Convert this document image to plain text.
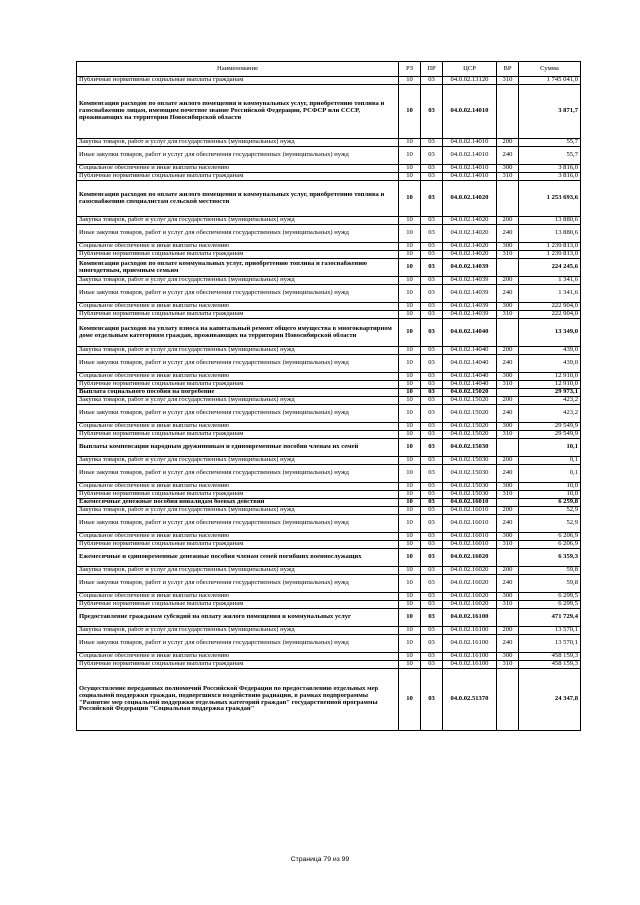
Наименование	РЗ	ПР	ЦСР	ВР	Сумма
Публичные нормативные социальные выплаты гражданам	10	03	04.0.02.13120	310	1 745 041,0
Компенсация расходов по оплате жилого помещения и коммунальных услуг, приобретению топлива и газоснабжению лицам, имеющим почетное звание Российской Федерации, РСФСР или СССР, проживающих на территории Новосибирской области	10	03	04.0.02.14010		3 871,7
Закупка товаров, работ и услуг для государственных (муниципальных) нужд	10	03	04.0.02.14010	200	55,7
Иные закупки товаров, работ и услуг для обеспечения государственных (муниципальных) нужд	10	03	04.0.02.14010	240	55,7
Социальное обеспечение и иные выплаты населению	10	03	04.0.02.14010	300	3 816,0
Публичные нормативные социальные выплаты гражданам	10	03	04.0.02.14010	310	3 816,0
Компенсация расходов по оплате жилого помещения и коммунальных услуг, приобретению топлива и газоснабжению специалистам сельской местности	10	03	04.0.02.14020		1 253 693,6
Закупка товаров, работ и услуг для государственных (муниципальных) нужд	10	03	04.0.02.14020	200	13 880,6
Иные закупки товаров, работ и услуг для обеспечения государственных (муниципальных) нужд	10	03	04.0.02.14020	240	13 880,6
Социальное обеспечение и иные выплаты населению	10	03	04.0.02.14020	300	1 239 813,0
Публичные нормативные социальные выплаты гражданам	10	03	04.0.02.14020	310	1 239 813,0
Компенсация расходов по оплате коммунальных услуг, приобретению топлива и газоснабжению многодетным, приемным семьям	10	03	04.0.02.14039		224 245,6
Закупка товаров, работ и услуг для государственных (муниципальных) нужд	10	03	04.0.02.14039	200	1 341,6
Иные закупки товаров, работ и услуг для обеспечения государственных (муниципальных) нужд	10	03	04.0.02.14039	240	1 341,6
Социальное обеспечение и иные выплаты населению	10	03	04.0.02.14039	300	222 904,0
Публичные нормативные социальные выплаты гражданам	10	03	04.0.02.14039	310	222 904,0
Компенсация расходов на уплату взноса на капитальный ремонт общего имущества в многоквартирном доме отдельным категориям граждан, проживающих на территории Новосибирской области	10	03	04.0.02.14040		13 349,0
Закупка товаров, работ и услуг для государственных (муниципальных) нужд	10	03	04.0.02.14040	200	439,0
Иные закупки товаров, работ и услуг для обеспечения государственных (муниципальных) нужд	10	03	04.0.02.14040	240	439,0
Социальное обеспечение и иные выплаты населению	10	03	04.0.02.14040	300	12 910,0
Публичные нормативные социальные выплаты гражданам	10	03	04.0.02.14040	310	12 910,0
Выплата социального пособия на погребение	10	03	04.0.02.15020		29 973,1
Закупка товаров, работ и услуг для государственных (муниципальных) нужд	10	03	04.0.02.15020	200	423,2
Иные закупки товаров, работ и услуг для обеспечения государственных (муниципальных) нужд	10	03	04.0.02.15020	240	423,2
Социальное обеспечение и иные выплаты населению	10	03	04.0.02.15020	300	29 549,9
Публичные нормативные социальные выплаты гражданам	10	03	04.0.02.15020	310	29 549,9
Выплаты компенсации народным дружинникам и единовременные пособия членам их семей	10	03	04.0.02.15030		10,1
Закупка товаров, работ и услуг для государственных (муниципальных) нужд	10	03	04.0.02.15030	200	0,1
Иные закупки товаров, работ и услуг для обеспечения государственных (муниципальных) нужд	10	03	04.0.02.15030	240	0,1
Социальное обеспечение и иные выплаты населению	10	03	04.0.02.15030	300	10,0
Публичные нормативные социальные выплаты гражданам	10	03	04.0.02.15030	310	10,0
Ежемесячные денежные пособия инвалидам боевых действий	10	03	04.0.02.16010		6 259,8
Закупка товаров, работ и услуг для государственных (муниципальных) нужд	10	03	04.0.02.16010	200	52,9
Иные закупки товаров, работ и услуг для обеспечения государственных (муниципальных) нужд	10	03	04.0.02.16010	240	52,9
Социальное обеспечение и иные выплаты населению	10	03	04.0.02.16010	300	6 206,9
Публичные нормативные социальные выплаты гражданам	10	03	04.0.02.16010	310	6 206,9
Ежемесячные и единовременные денежные пособия членам семей погибших военнослужащих	10	03	04.0.02.16020		6 359,3
Закупка товаров, работ и услуг для государственных (муниципальных) нужд	10	03	04.0.02.16020	200	59,8
Иные закупки товаров, работ и услуг для обеспечения государственных (муниципальных) нужд	10	03	04.0.02.16020	240	59,8
Социальное обеспечение и иные выплаты населению	10	03	04.0.02.16020	300	6 299,5
Публичные нормативные социальные выплаты гражданам	10	03	04.0.02.16020	310	6 299,5
Предоставление гражданам субсидий на оплату жилого помещения и коммунальных услуг	10	03	04.0.02.16100		471 729,4
Закупка товаров, работ и услуг для государственных (муниципальных) нужд	10	03	04.0.02.16100	200	13 570,1
Иные закупки товаров, работ и услуг для обеспечения государственных (муниципальных) нужд	10	03	04.0.02.16100	240	13 570,1
Социальное обеспечение и иные выплаты населению	10	03	04.0.02.16100	300	458 159,3
Публичные нормативные социальные выплаты гражданам	10	03	04.0.02.16100	310	458 159,3
Осуществление переданных полномочий Российской Федерации по предоставлению отдельных мер социальной поддержки граждан, подвергшихся воздействию радиации, в рамках подпрограммы "Развитие мер социальной поддержки отдельных категорий граждан" государственной программы Российской Федерации "Социальная поддержка граждан"	10	03	04.0.02.51370		24 347,8
Страница 79 из 99
